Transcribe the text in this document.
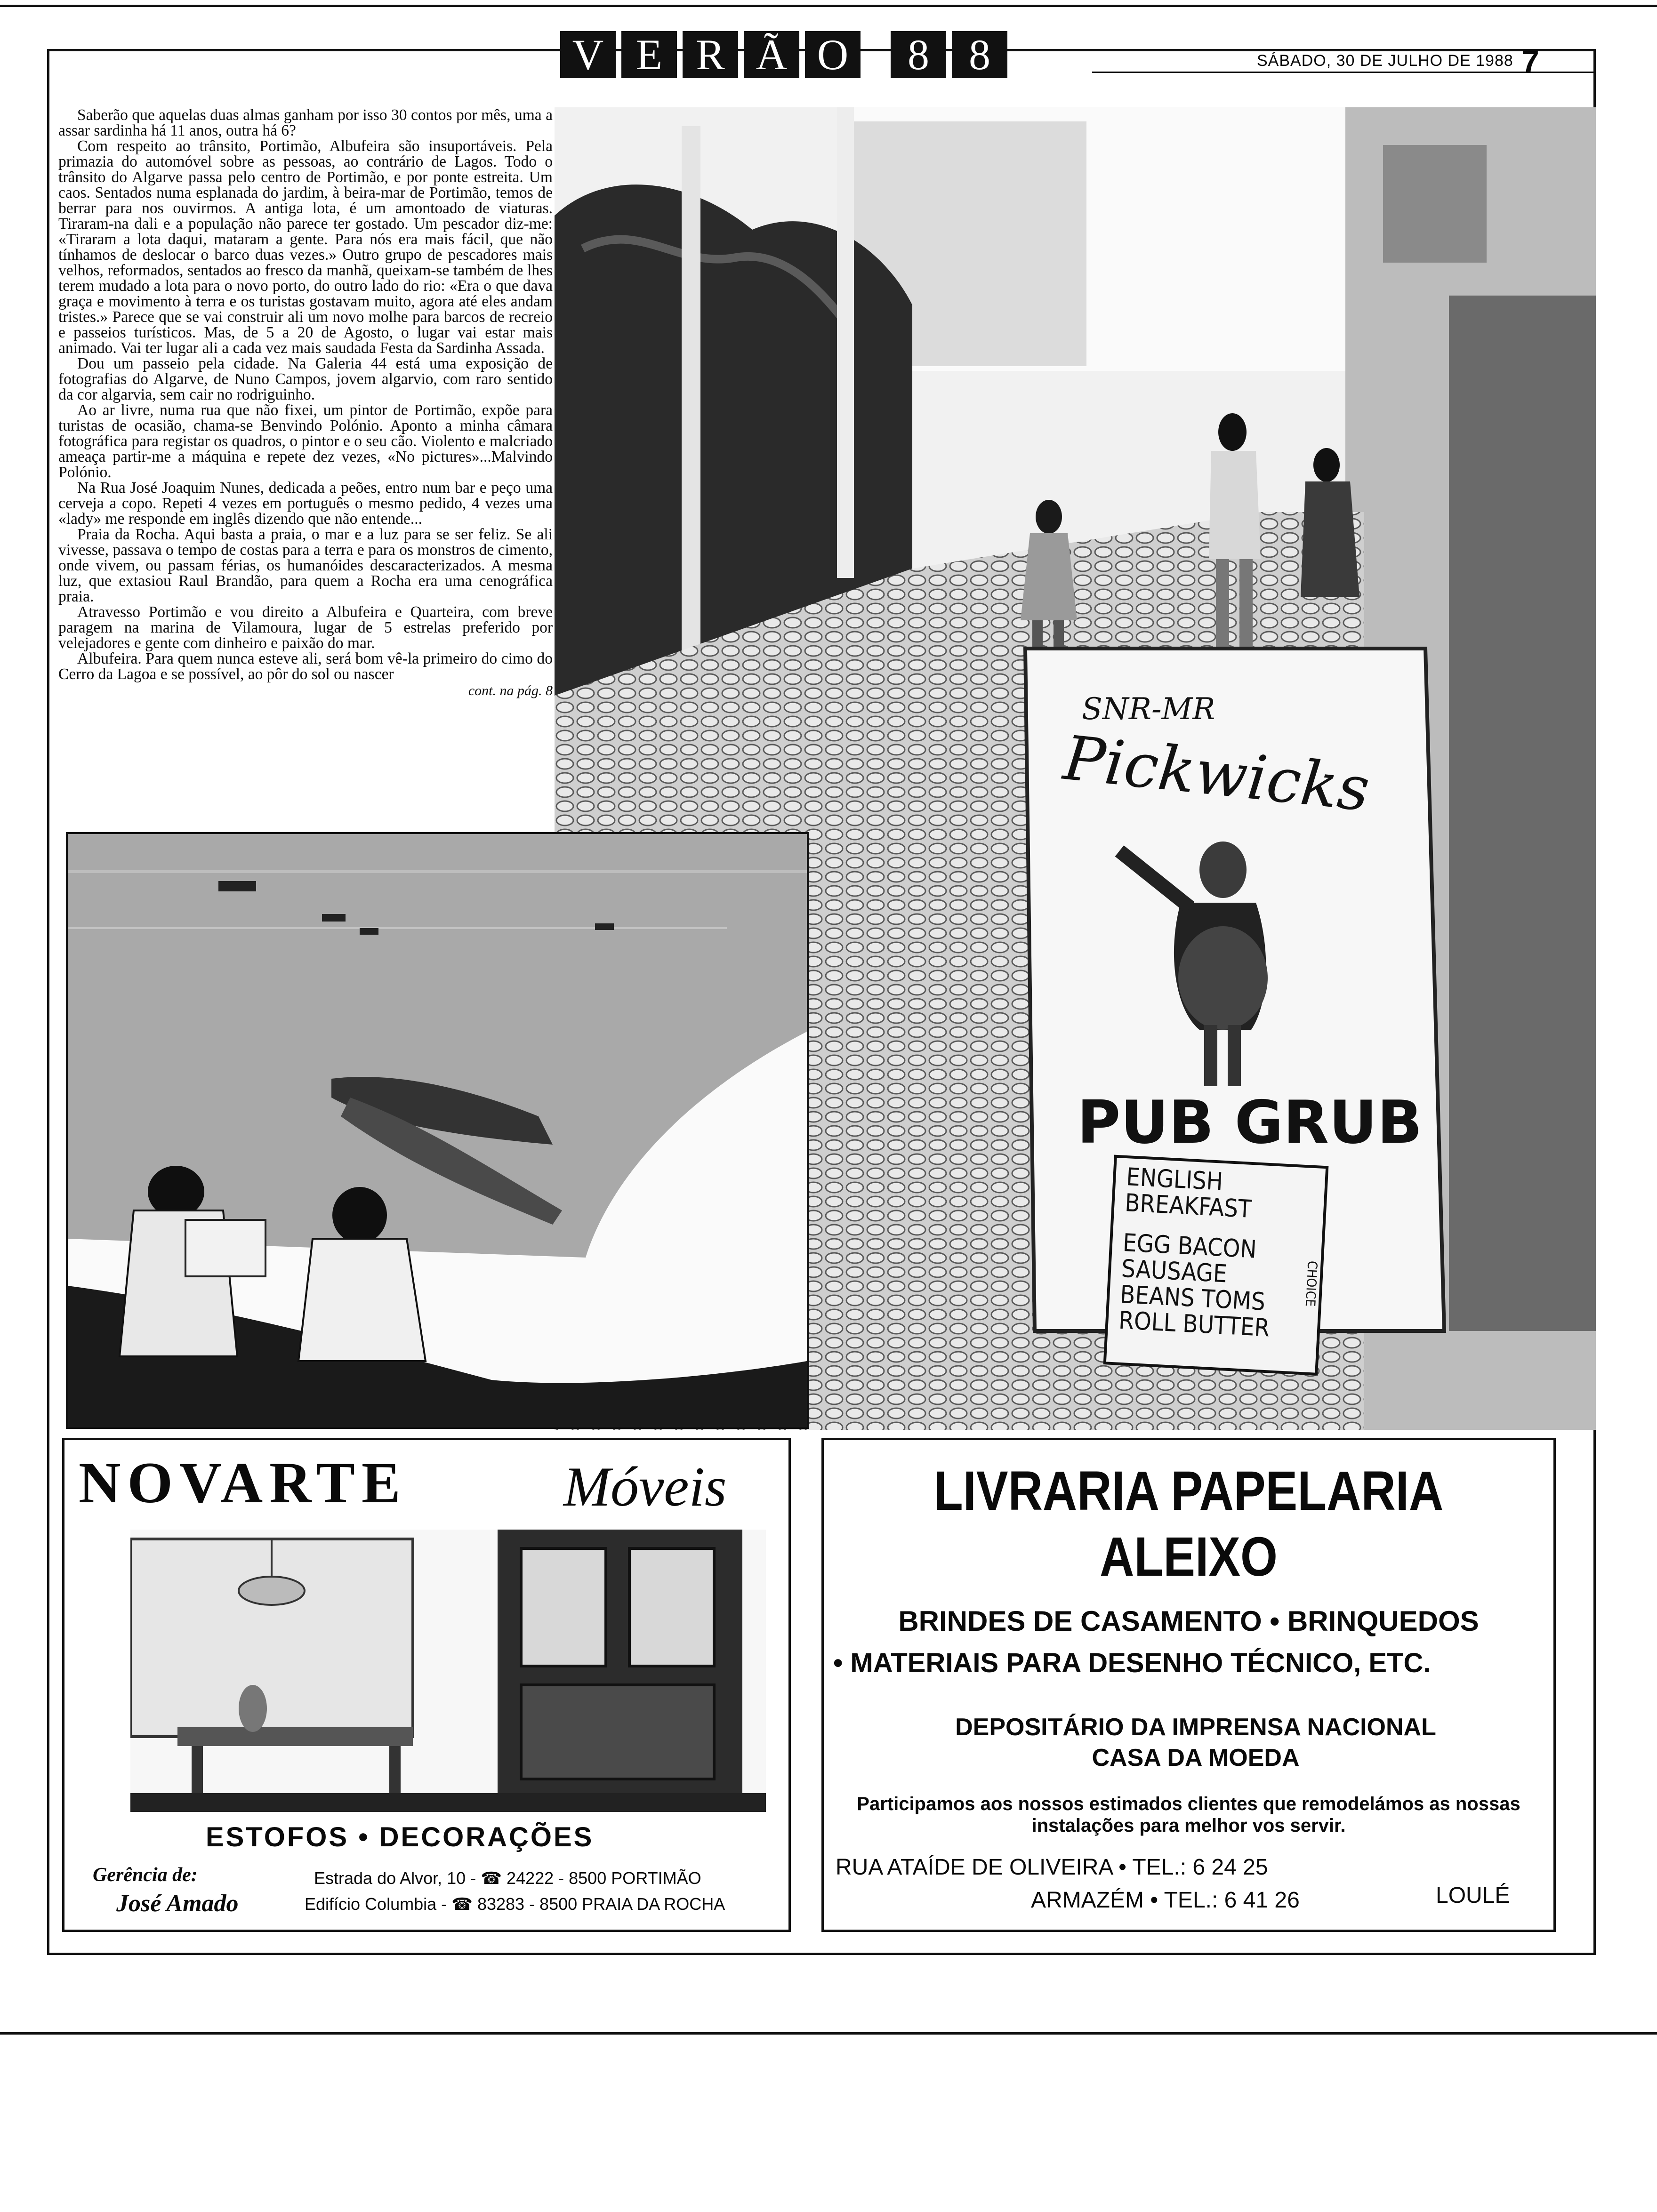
V E R Ã O	8 8	SÁBADO, 30 DE JULHO DE 1988 7

Saberão que aquelas duas almas ganham por isso 30 contos por mês, uma a assar sardinha há 11 anos, outra há 6?

Com respeito ao trânsito, Portimão, Albufeira são insuportáveis. Pela primazia do automóvel sobre as pessoas, ao contrário de Lagos. Todo o trânsito do Algarve passa pelo centro de Portimão, e por ponte estreita. Um caos. Sentados numa esplanada do jardim, à beira-mar de Portimão, temos de berrar para nos ouvirmos. A antiga lota, é um amontoado de viaturas. Tiraram-na dali e a população não parece ter gostado. Um pescador diz-me: «Tiraram a lota daqui, mataram a gente. Para nós era mais fácil, que não tínhamos de deslocar o barco duas vezes.» Outro grupo de pescadores mais velhos, reformados, sentados ao fresco da manhã, queixam-se também de lhes terem mudado a lota para o novo porto, do outro lado do rio: «Era o que dava graça e movimento à terra e os turistas gostavam muito, agora até eles andam tristes.» Parece que se vai construir ali um novo molhe para barcos de recreio e passeios turísticos. Mas, de 5 a 20 de Agosto, o lugar vai estar mais animado. Vai ter lugar ali a cada vez mais saudada Festa da Sardinha Assada.

Dou um passeio pela cidade. Na Galeria 44 está uma exposição de fotografias do Algarve, de Nuno Campos, jovem algarvio, com raro sentido da cor algarvia, sem cair no rodriguinho.

Ao ar livre, numa rua que não fixei, um pintor de Portimão, expõe para turistas de ocasião, chama-se Benvindo Polónio. Aponto a minha câmara fotográfica para registar os quadros, o pintor e o seu cão. Violento e malcriado ameaça partir-me a máquina e repete dez vezes, «No pictures»...Malvindo Polónio.

Na Rua José Joaquim Nunes, dedicada a peões, entro num bar e peço uma cerveja a copo. Repeti 4 vezes em português o mesmo pedido, 4 vezes uma «lady» me responde em inglês dizendo que não entende...

Praia da Rocha. Aqui basta a praia, o mar e a luz para se ser feliz. Se ali vivesse, passava o tempo de costas para a terra e para os monstros de cimento, onde vivem, ou passam férias, os humanóides descaracterizados. A mesma luz, que extasiou Raul Brandão, para quem a Rocha era uma cenográfica praia.

Atravesso Portimão e vou direito a Albufeira e Quarteira, com breve paragem na marina de Vilamoura, lugar de 5 estrelas preferido por velejadores e gente com dinheiro e paixão do mar.

Albufeira. Para quem nunca esteve ali, será bom vê-la primeiro do cimo do Cerro da Lagoa e se possível, ao pôr do sol ou nascer

cont. na pág. 8
SNR-MR
Pickwicks
PUB GRUB
ENGLISH
BREAKFAST
EGG BACON
SAUSAGE
BEANS TOMS
ROLL BUTTER
CHOICE
NOVARTE	Móveis
ESTOFOS • DECORAÇÕES
Gerência de:
José Amado
Estrada do Alvor, 10 - ☎ 24222 - 8500 PORTIMÃO
Edifício Columbia - ☎ 83283 - 8500 PRAIA DA ROCHA
LIVRARIA PAPELARIA
ALEIXO
BRINDES DE CASAMENTO • BRINQUEDOS
• MATERIAIS PARA DESENHO TÉCNICO, ETC.
DEPOSITÁRIO DA IMPRENSA NACIONAL
CASA DA MOEDA
Participamos aos nossos estimados clientes que remodelámos as nossas instalações para melhor vos servir.
RUA ATAÍDE DE OLIVEIRA • TEL.: 6 24 25
ARMAZÉM • TEL.: 6 41 26	LOULÉ
